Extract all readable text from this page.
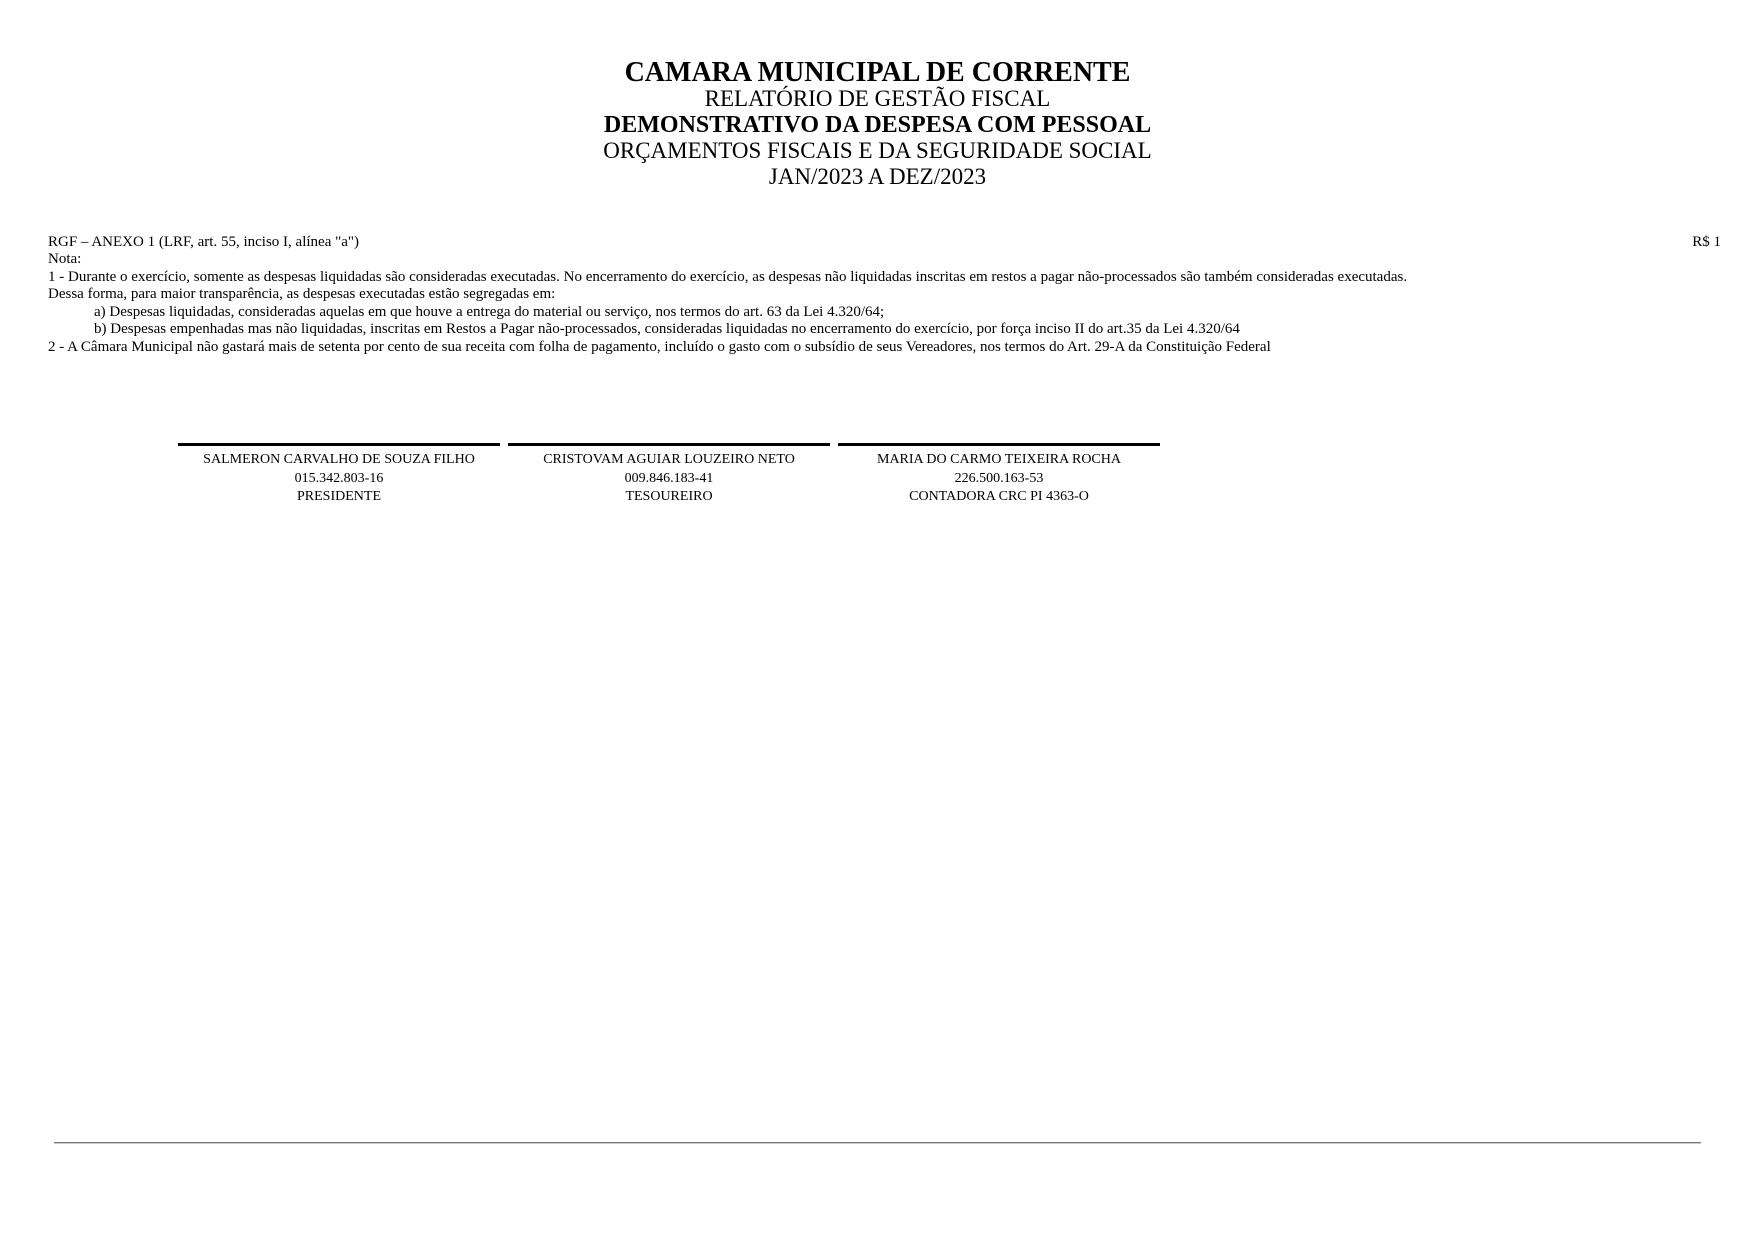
CAMARA MUNICIPAL DE CORRENTE
RELATÓRIO DE GESTÃO FISCAL
DEMONSTRATIVO DA DESPESA COM PESSOAL
ORÇAMENTOS FISCAIS E DA SEGURIDADE SOCIAL
JAN/2023 A DEZ/2023
RGF – ANEXO 1 (LRF, art. 55, inciso I, alínea "a")	R$ 1
Nota:
1 - Durante o exercício, somente as despesas liquidadas são consideradas executadas. No encerramento do exercício, as despesas não liquidadas inscritas em restos a pagar não-processados são também consideradas executadas.
Dessa forma, para maior transparência, as despesas executadas estão segregadas em:
a) Despesas liquidadas, consideradas aquelas em que houve a entrega do material ou serviço, nos termos do art. 63 da Lei 4.320/64;
b) Despesas empenhadas mas não liquidadas, inscritas em Restos a Pagar não-processados, consideradas liquidadas no encerramento do exercício, por força inciso II do art.35 da Lei 4.320/64
2 - A Câmara Municipal não gastará mais de setenta por cento de sua receita com folha de pagamento, incluído o gasto com o subsídio de seus Vereadores, nos termos do Art. 29-A da Constituição Federal
SALMERON CARVALHO DE SOUZA FILHO
015.342.803-16
PRESIDENTE
CRISTOVAM AGUIAR LOUZEIRO NETO
009.846.183-41
TESOUREIRO
MARIA DO CARMO TEIXEIRA ROCHA
226.500.163-53
CONTADORA CRC PI 4363-O
